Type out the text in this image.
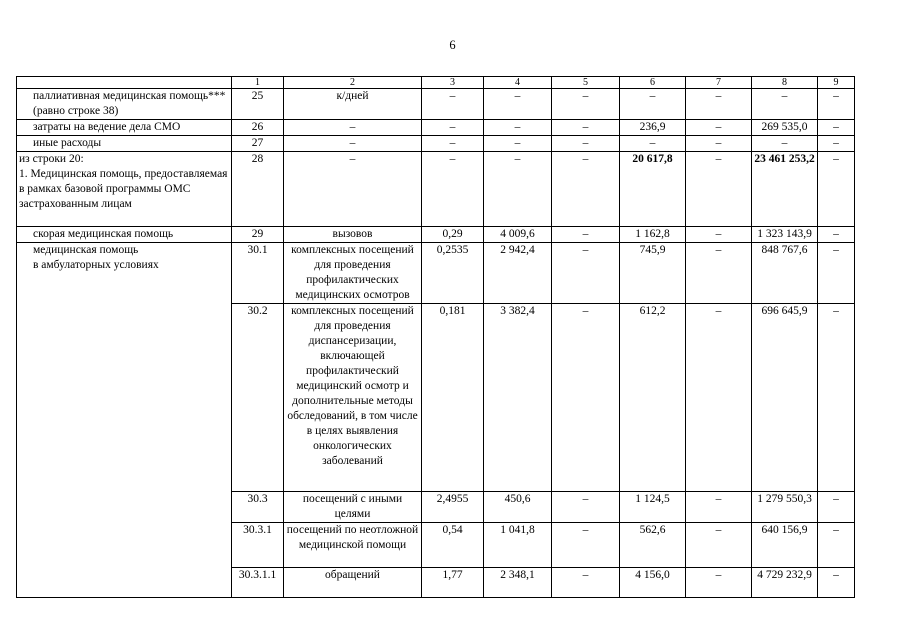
6
	1	2	3	4	5	6	7	8	9

паллиативная медицинская помощь*** (равно строке 38)	25	к/дней	–	–	–	–	–	–	–

затраты на ведение дела СМО	26	–	–	–	–	236,9	–	269 535,0	–

иные расходы	27	–	–	–	–	–	–	–	–
из строки 20:
1. Медицинская помощь, предоставляемая в рамках базовой программы ОМС застрахованным лицам	28	–	–	–	–	20 617,8	–	23 461 253,2	–

скорая медицинская помощь	29	вызовов	0,29	4 009,6	–	1 162,8	–	1 323 143,9	–

медицинская помощь
в амбулаторных условиях	30.1	комплексных посещений для проведения профилактических медицинских осмотров	0,2535	2 942,4	–	745,9	–	848 767,6	–
	30.2	комплексных посещений для проведения диспансеризации, включающей профилактический медицинский осмотр и дополнительные методы обследований, в том числе в целях выявления онкологических заболеваний	0,181	3 382,4	–	612,2	–	696 645,9	–
	30.3	посещений с иными целями	2,4955	450,6	–	1 124,5	–	1 279 550,3	–
	30.3.1	посещений по неотложной медицинской помощи	0,54	1 041,8	–	562,6	–	640 156,9	–
	30.3.1.1	обращений	1,77	2 348,1	–	4 156,0	–	4 729 232,9	–
